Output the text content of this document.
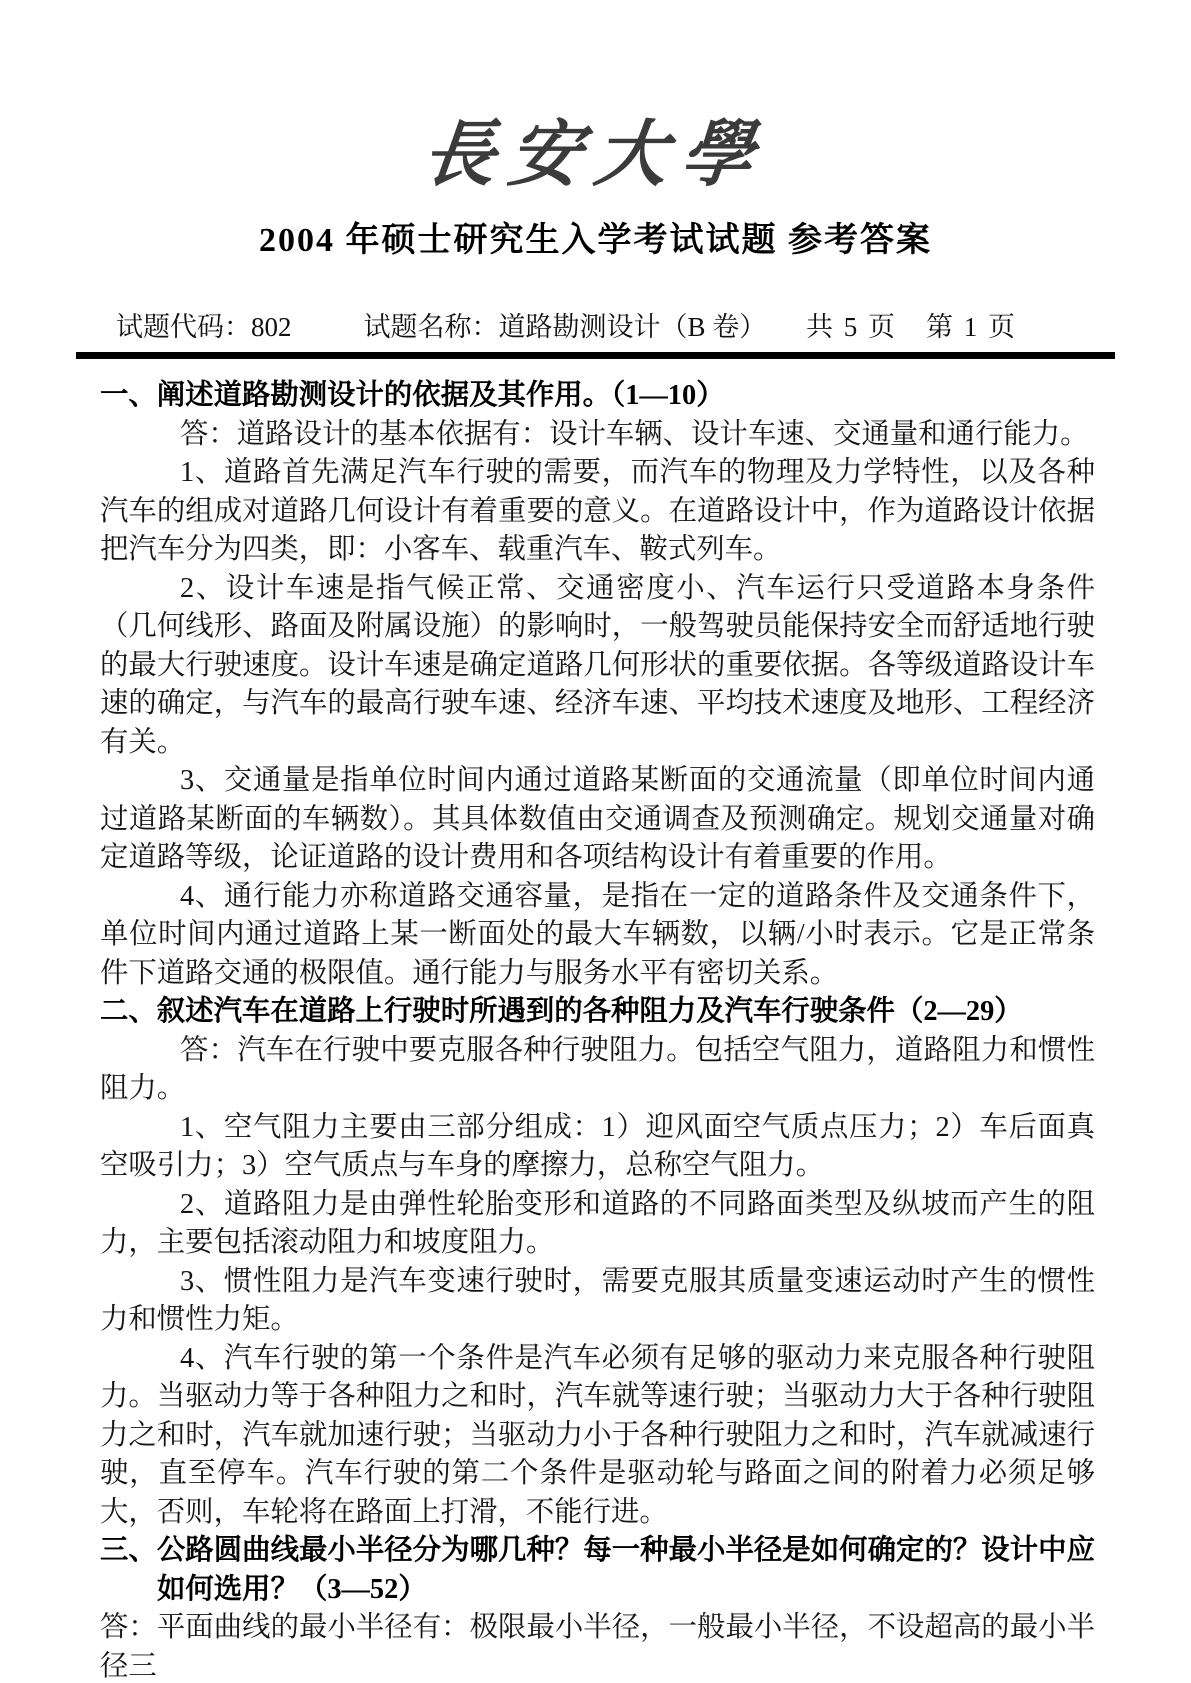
長安大學
2004 年硕士研究生入学考试试题 参考答案
试题代码：802	试题名称：道路勘测设计（B 卷） 共 5 页　第 1 页

一、阐述道路勘测设计的依据及其作用。（1—10）

答：道路设计的基本依据有：设计车辆、设计车速、交通量和通行能力。

1、道路首先满足汽车行驶的需要，而汽车的物理及力学特性，以及各种汽车的组成对道路几何设计有着重要的意义。在道路设计中，作为道路设计依据把汽车分为四类，即：小客车、载重汽车、鞍式列车。

2、设计车速是指气候正常、交通密度小、汽车运行只受道路本身条件（几何线形、路面及附属设施）的影响时，一般驾驶员能保持安全而舒适地行驶的最大行驶速度。设计车速是确定道路几何形状的重要依据。各等级道路设计车速的确定，与汽车的最高行驶车速、经济车速、平均技术速度及地形、工程经济有关。

3、交通量是指单位时间内通过道路某断面的交通流量（即单位时间内通过道路某断面的车辆数）。其具体数值由交通调查及预测确定。规划交通量对确定道路等级，论证道路的设计费用和各项结构设计有着重要的作用。

4、通行能力亦称道路交通容量，是指在一定的道路条件及交通条件下，单位时间内通过道路上某一断面处的最大车辆数，以辆/小时表示。它是正常条件下道路交通的极限值。通行能力与服务水平有密切关系。

二、叙述汽车在道路上行驶时所遇到的各种阻力及汽车行驶条件（2—29）

答：汽车在行驶中要克服各种行驶阻力。包括空气阻力，道路阻力和惯性阻力。

1、空气阻力主要由三部分组成：1）迎风面空气质点压力；2）车后面真空吸引力；3）空气质点与车身的摩擦力，总称空气阻力。

2、道路阻力是由弹性轮胎变形和道路的不同路面类型及纵坡而产生的阻力，主要包括滚动阻力和坡度阻力。

3、惯性阻力是汽车变速行驶时，需要克服其质量变速运动时产生的惯性力和惯性力矩。

4、汽车行驶的第一个条件是汽车必须有足够的驱动力来克服各种行驶阻力。当驱动力等于各种阻力之和时，汽车就等速行驶；当驱动力大于各种行驶阻力之和时，汽车就加速行驶；当驱动力小于各种行驶阻力之和时，汽车就减速行驶，直至停车。汽车行驶的第二个条件是驱动轮与路面之间的附着力必须足够大，否则，车轮将在路面上打滑，不能行进。

三、公路圆曲线最小半径分为哪几种？每一种最小半径是如何确定的？设计中应如何选用？（3—52）

答：平面曲线的最小半径有：极限最小半径，一般最小半径，不设超高的最小半径三
